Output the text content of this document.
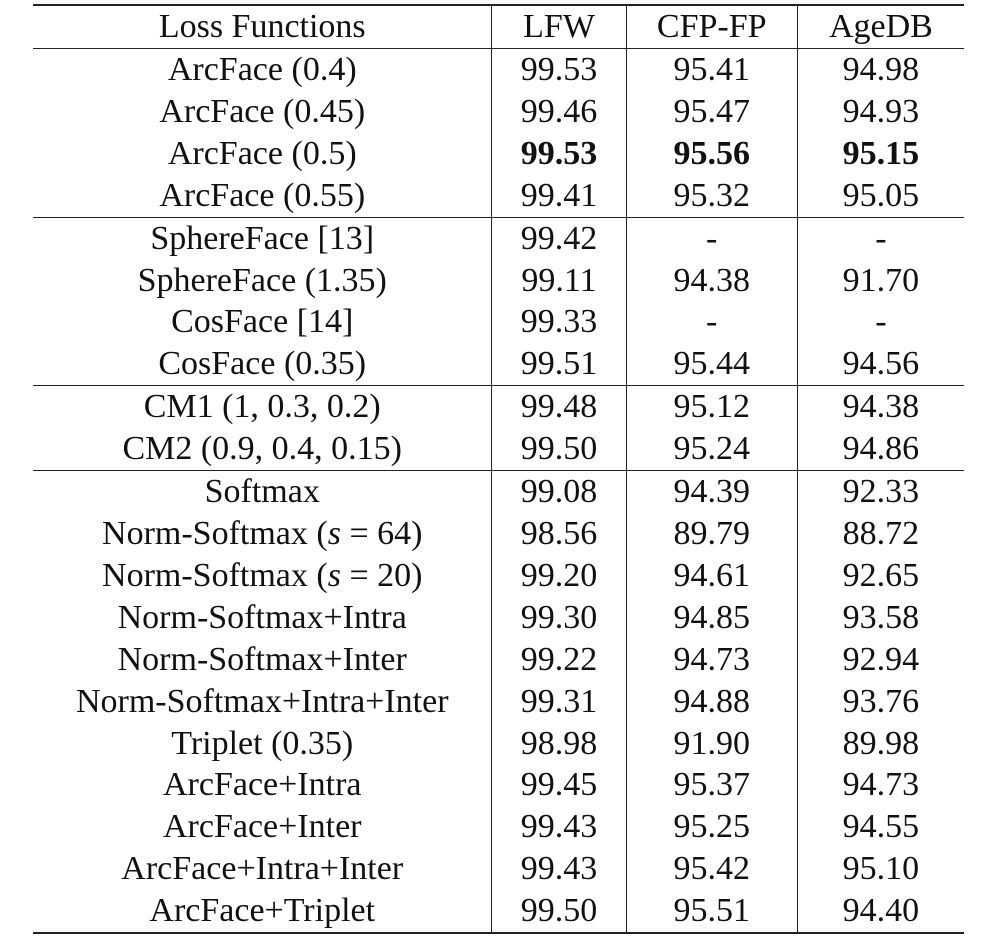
Loss Functions	LFW	CFP-FP	AgeDB
ArcFace (0.4)	99.53	95.41	94.98
ArcFace (0.45)	99.46	95.47	94.93
ArcFace (0.5)	99.53	95.56	95.15
ArcFace (0.55)	99.41	95.32	95.05
SphereFace [13]	99.42	-	-
SphereFace (1.35)	99.11	94.38	91.70
CosFace [14]	99.33	-	-
CosFace (0.35)	99.51	95.44	94.56
CM1 (1, 0.3, 0.2)	99.48	95.12	94.38
CM2 (0.9, 0.4, 0.15)	99.50	95.24	94.86
Softmax	99.08	94.39	92.33
Norm-Softmax (s = 64)	98.56	89.79	88.72
Norm-Softmax (s = 20)	99.20	94.61	92.65
Norm-Softmax+Intra	99.30	94.85	93.58
Norm-Softmax+Inter	99.22	94.73	92.94
Norm-Softmax+Intra+Inter	99.31	94.88	93.76
Triplet (0.35)	98.98	91.90	89.98
ArcFace+Intra	99.45	95.37	94.73
ArcFace+Inter	99.43	95.25	94.55
ArcFace+Intra+Inter	99.43	95.42	95.10
ArcFace+Triplet	99.50	95.51	94.40
